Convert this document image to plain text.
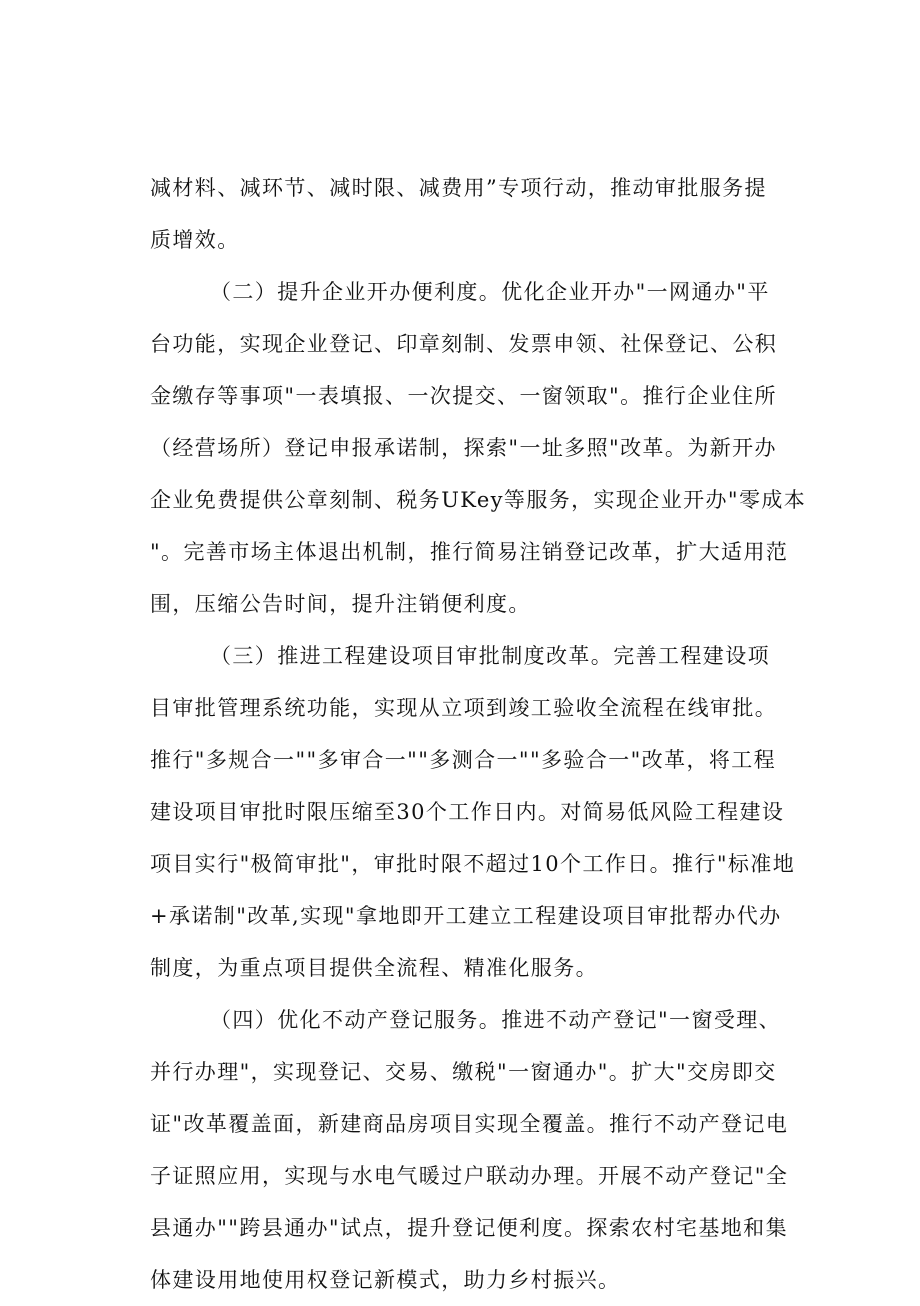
减材料、减环节、减时限、减费用”专项行动，推动审批服务提
质增效。
（二）提升企业开办便利度。优化企业开办"一网通办"平
台功能，实现企业登记、印章刻制、发票申领、社保登记、公积
金缴存等事项"一表填报、一次提交、一窗领取"。推行企业住所
（经营场所）登记申报承诺制，探索"一址多照"改革。为新开办
企业免费提供公章刻制、税务UKey等服务，实现企业开办"零成本
"。完善市场主体退出机制，推行简易注销登记改革，扩大适用范
围，压缩公告时间，提升注销便利度。
（三）推进工程建设项目审批制度改革。完善工程建设项
目审批管理系统功能，实现从立项到竣工验收全流程在线审批。
推行"多规合一""多审合一""多测合一""多验合一"改革，将工程
建设项目审批时限压缩至30个工作日内。对简易低风险工程建设
项目实行"极简审批"，审批时限不超过10个工作日。推行"标准地
+承诺制"改革,实现"拿地即开工建立工程建设项目审批帮办代办
制度，为重点项目提供全流程、精准化服务。
（四）优化不动产登记服务。推进不动产登记"一窗受理、
并行办理"，实现登记、交易、缴税"一窗通办"。扩大"交房即交
证"改革覆盖面，新建商品房项目实现全覆盖。推行不动产登记电
子证照应用，实现与水电气暖过户联动办理。开展不动产登记"全
县通办""跨县通办"试点，提升登记便利度。探索农村宅基地和集
体建设用地使用权登记新模式，助力乡村振兴。
